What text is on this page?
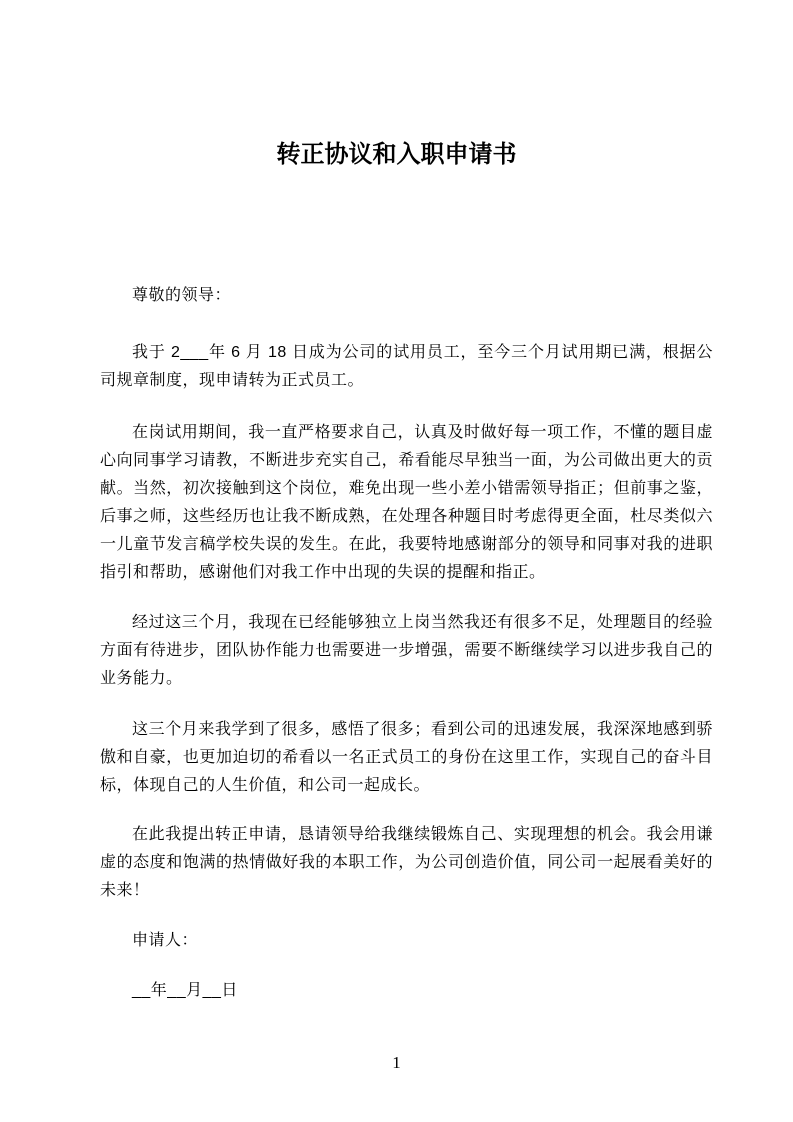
转正协议和入职申请书

尊敬的领导：

我于 2___年 6 月 18 日成为公司的试用员工，至今三个月试用期已满，根据公司规章制度，现申请转为正式员工。

在岗试用期间，我一直严格要求自己，认真及时做好每一项工作，不懂的题目虚心向同事学习请教，不断进步充实自己，希看能尽早独当一面，为公司做出更大的贡献。当然，初次接触到这个岗位，难免出现一些小差小错需领导指正；但前事之鉴，后事之师，这些经历也让我不断成熟，在处理各种题目时考虑得更全面，杜尽类似六一儿童节发言稿学校失误的发生。在此，我要特地感谢部分的领导和同事对我的进职指引和帮助，感谢他们对我工作中出现的失误的提醒和指正。

经过这三个月，我现在已经能够独立上岗当然我还有很多不足，处理题目的经验方面有待进步，团队协作能力也需要进一步增强，需要不断继续学习以进步我自己的业务能力。

这三个月来我学到了很多，感悟了很多；看到公司的迅速发展，我深深地感到骄傲和自豪，也更加迫切的希看以一名正式员工的身份在这里工作，实现自己的奋斗目标，体现自己的人生价值，和公司一起成长。

在此我提出转正申请，恳请领导给我继续锻炼自己、实现理想的机会。我会用谦虚的态度和饱满的热情做好我的本职工作，为公司创造价值，同公司一起展看美好的未来！

申请人：

__年__月__日

1
